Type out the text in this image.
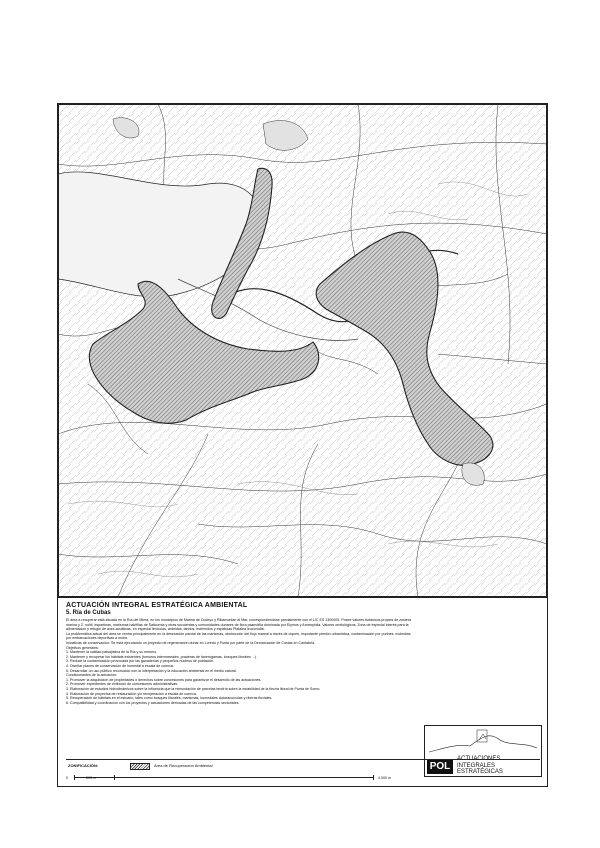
ACTUACIÓN INTEGRAL ESTRATÉGICA AMBIENTAL
5. Ría de Cubas

El área a recuperar está situada en la Ría del Miera, en los municipios de Marina de Cudeyo y Ribamontán al Mar, correspondiéndose parcialmente con el LIC ES 1300005. Posee valores botánicos propios de zostera marina y Z. noltii, espartinas, marismas halófilas de Salicornia y otras suculentas y comunidades dunares de flora psamófila dominada por Elymus y Ammophila. Valores ornitológicos: Zona de especial interés para la alimentación y refugio de aves acuáticas, en especial limícolas, ardeidas, láridos, estérnidos y espátulas Platalea leucorodia.

La problemática actual del área se centra principalmente en la desecación parcial de las marismas, obstrucción del flujo mareal a través de ciques, importante presión urbanística, contaminación por purines, molestias por embarcaciones deportivas a motor.

Iniciativas de conservación: Se está ejecutando un proyecto de regeneración dunar en Loredo y Punta por parte de la Demarcación de Costas en Cantabria.

Objetivos generales:

1. Mantener la calidad paisajística de la Ría y su entorno.

2. Mantener y recuperar los hábitats existentes (tomurus intermareales, praderas de fanerógamas, bosques litorales ...).

3. Reducir la contaminación provocada por las ganaderías y pequeños núcleos de población.

4. Diseñar planes de conservación de humedal a escala de cuenca.

5. Desarrollar un uso público reconocido con la interpretación y la educación ambiental en el medio natural.

Condicionantes de la actuación:

1. Promover la adquisición de propiedades o derechos sobre concesiones para garantizar el desarrollo de las actuaciones.

2. Promover expedientes de extinción de concesiones administrativas.

3. Elaboración de estudios hidrodinámicos sobre la influencia que la reinundación de parcelas tendría sobre la estabilidad de la flecha litoral de Punta de Somo.

4. Elaboración de proyectos de restauración y/o recuperación a escala de cuenca.

5. Recuperación de hábitats en el estuario, tales como bosques litorales, marismas, humedales dulceacuícolas y riberas fluviales.

6. Compatibilidad y coordinación con los proyectos y actuaciones derivadas de las competencias sectoriales.

POL
ACTUACIONES
INTEGRALES
ESTRATÉGICAS
ZONIFICACIÓN:	Área de Recuperación Ambiental
0	500 m	4.000 m
